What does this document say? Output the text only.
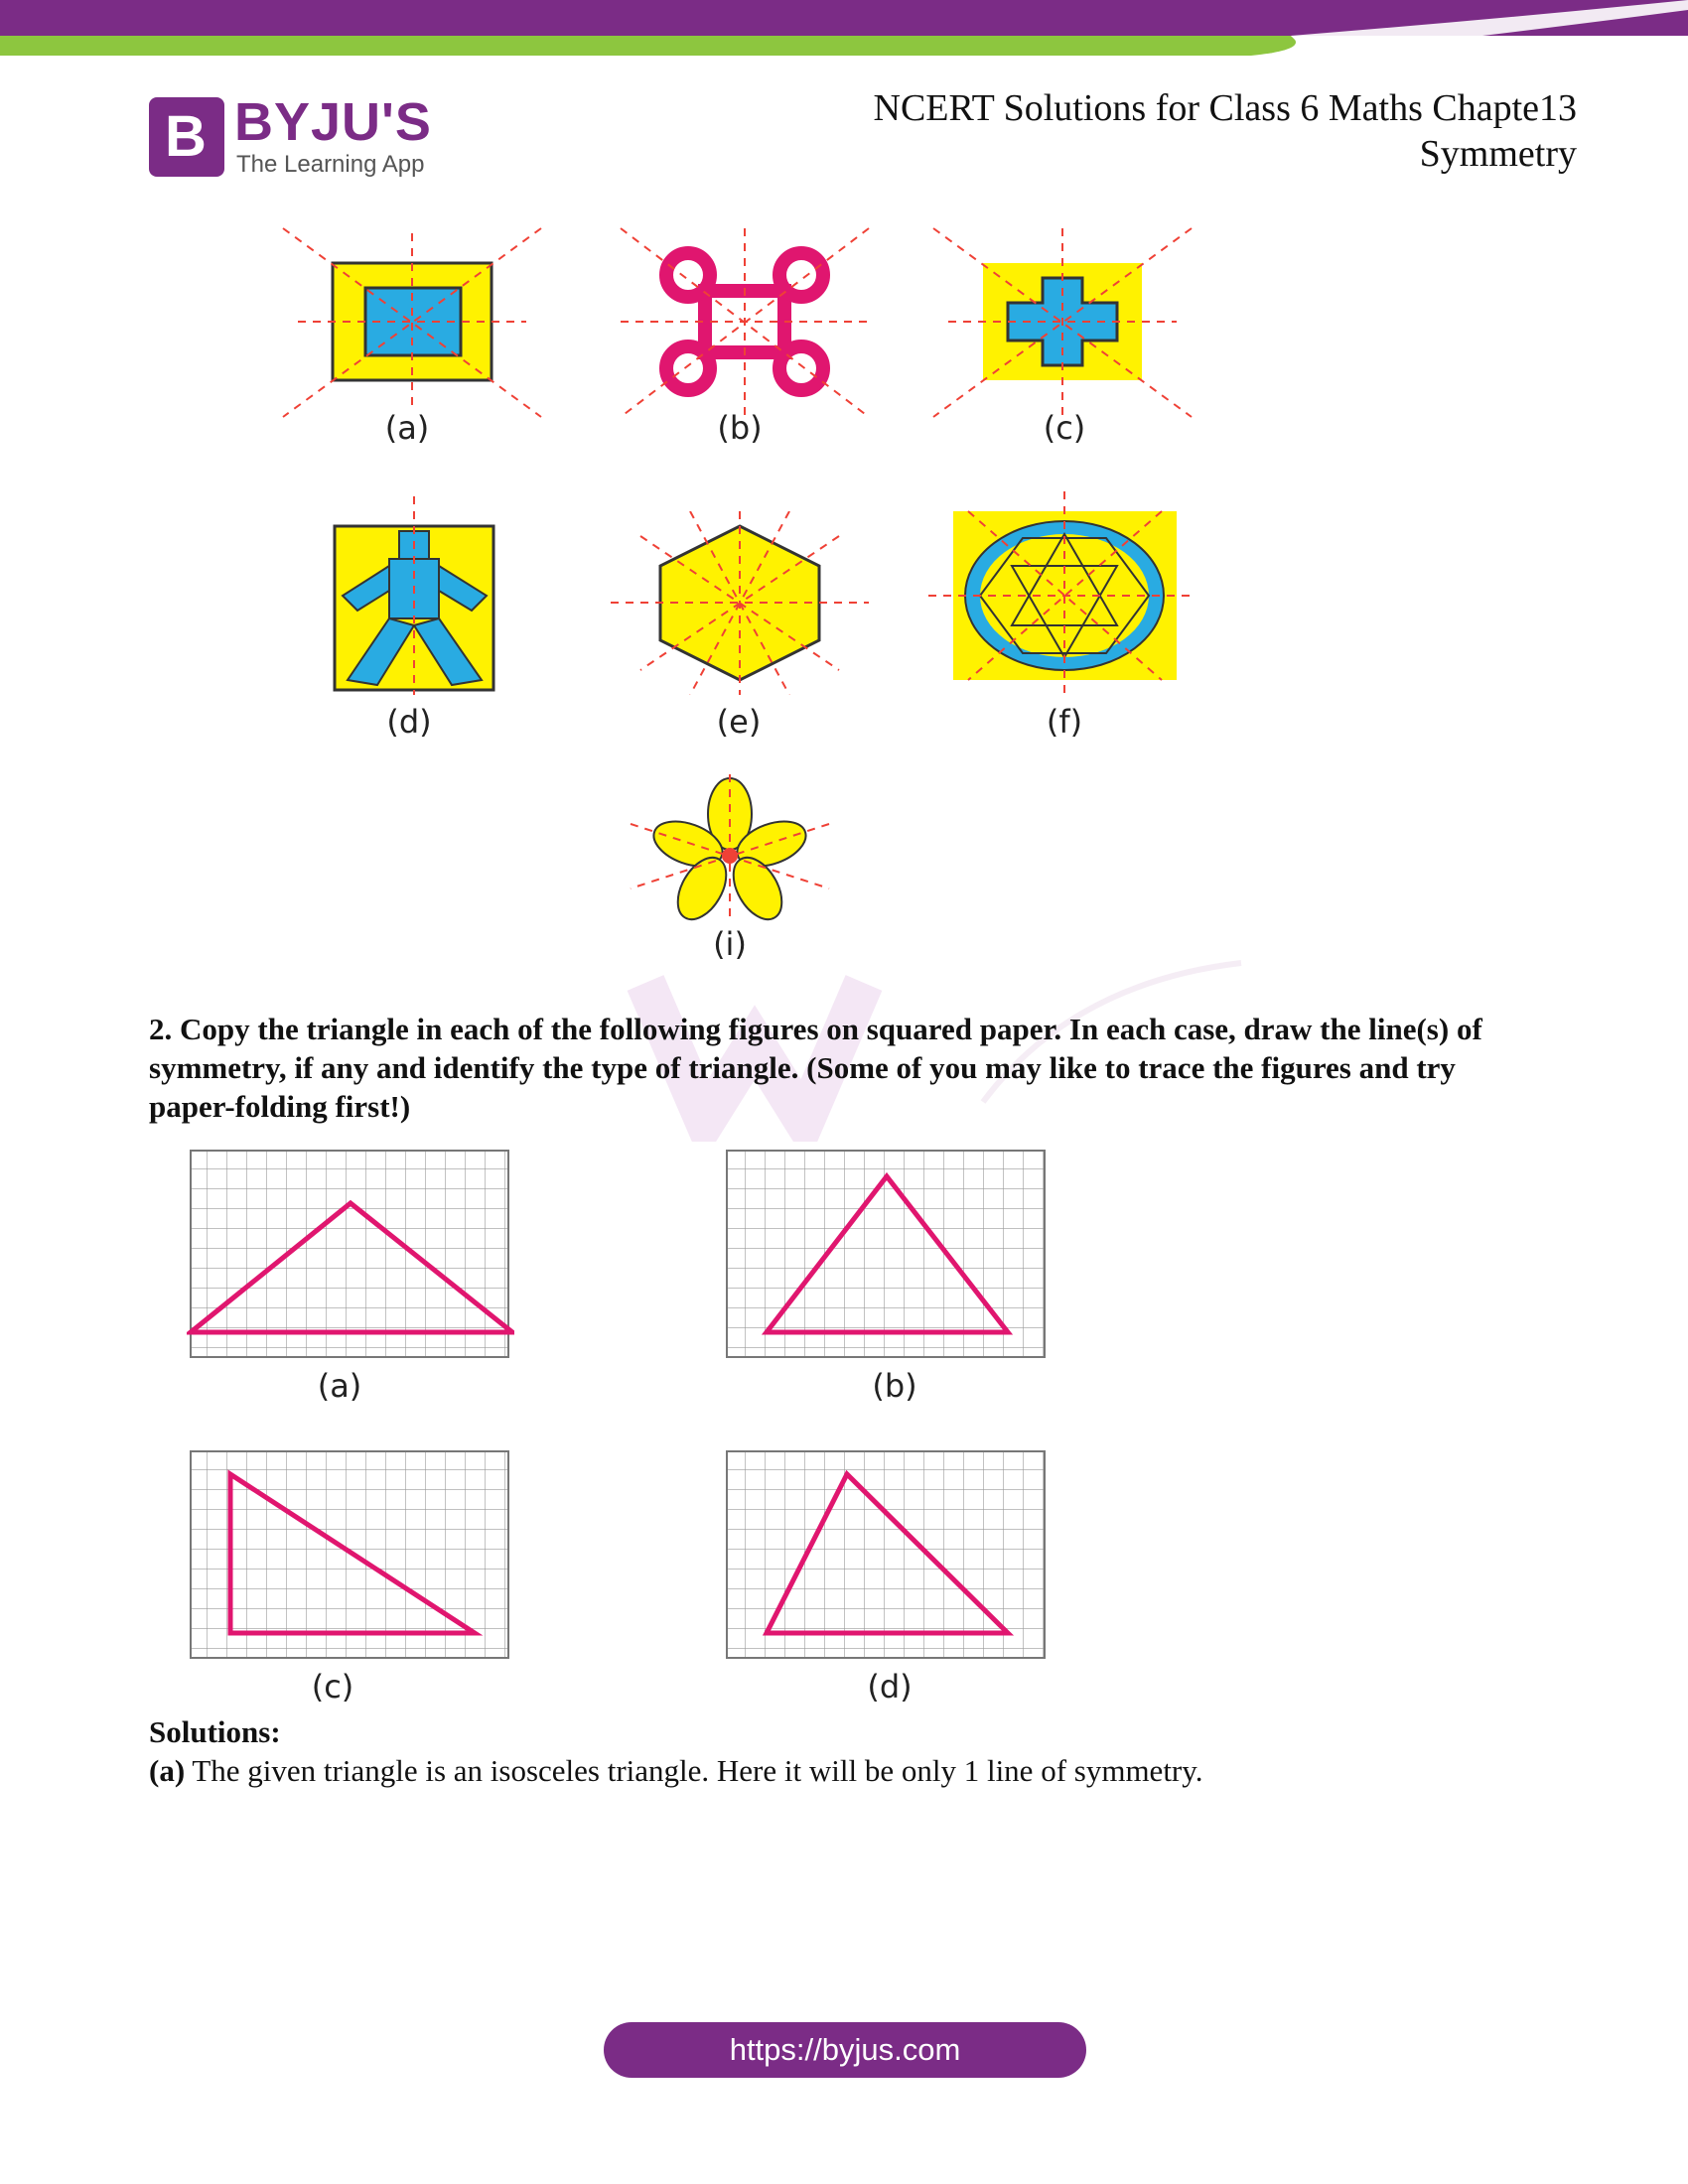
B BYJU'S
The Learning App
NCERT Solutions for Class 6 Maths Chapte13
Symmetry
(a)	(b)	(c)
(d)	(e)	(f)
(i)
2. Copy the triangle in each of the following figures on squared paper. In each case, draw the line(s) of symmetry, if any and identify the type of triangle. (Some of you may like to trace the figures and try paper-folding first!)
(a)	(b)
(c)	(d)
Solutions:
(a) The given triangle is an isosceles triangle. Here it will be only 1 line of symmetry.
https://byjus.com
